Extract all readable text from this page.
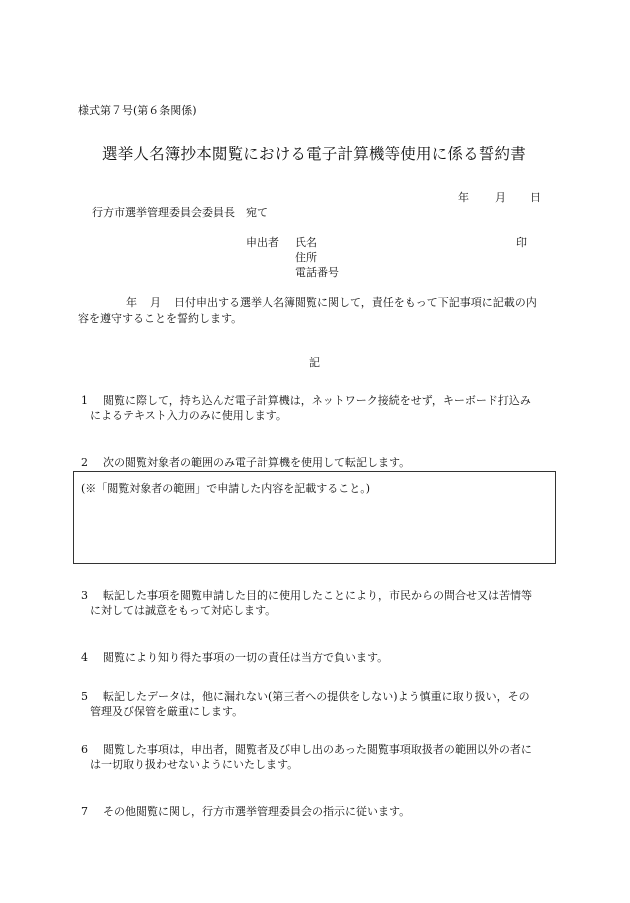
様式第７号(第６条関係)
選挙人名簿抄本閲覧における電子計算機等使用に係る誓約書
年 月 日
行方市選挙管理委員会委員長　宛て
申出者 氏名	印
住所
電話番号
年 月 日付申出する選挙人名簿閲覧に関して，責任をもって下記事項に記載の内
容を遵守することを誓約します。
記
1 閲覧に際して，持ち込んだ電子計算機は，ネットワーク接続をせず，キーボード打込み
によるテキスト入力のみに使用します。
2 次の閲覧対象者の範囲のみ電子計算機を使用して転記します。
(※「閲覧対象者の範囲」で申請した内容を記載すること。)
3 転記した事項を閲覧申請した目的に使用したことにより，市民からの問合せ又は苦情等
に対しては誠意をもって対応します。
4 閲覧により知り得た事項の一切の責任は当方で負います。
5 転記したデータは，他に漏れない(第三者への提供をしない)よう慎重に取り扱い，その
管理及び保管を厳重にします。
6 閲覧した事項は，申出者，閲覧者及び申し出のあった閲覧事項取扱者の範囲以外の者に
は一切取り扱わせないようにいたします。
7 その他閲覧に関し，行方市選挙管理委員会の指示に従います。
